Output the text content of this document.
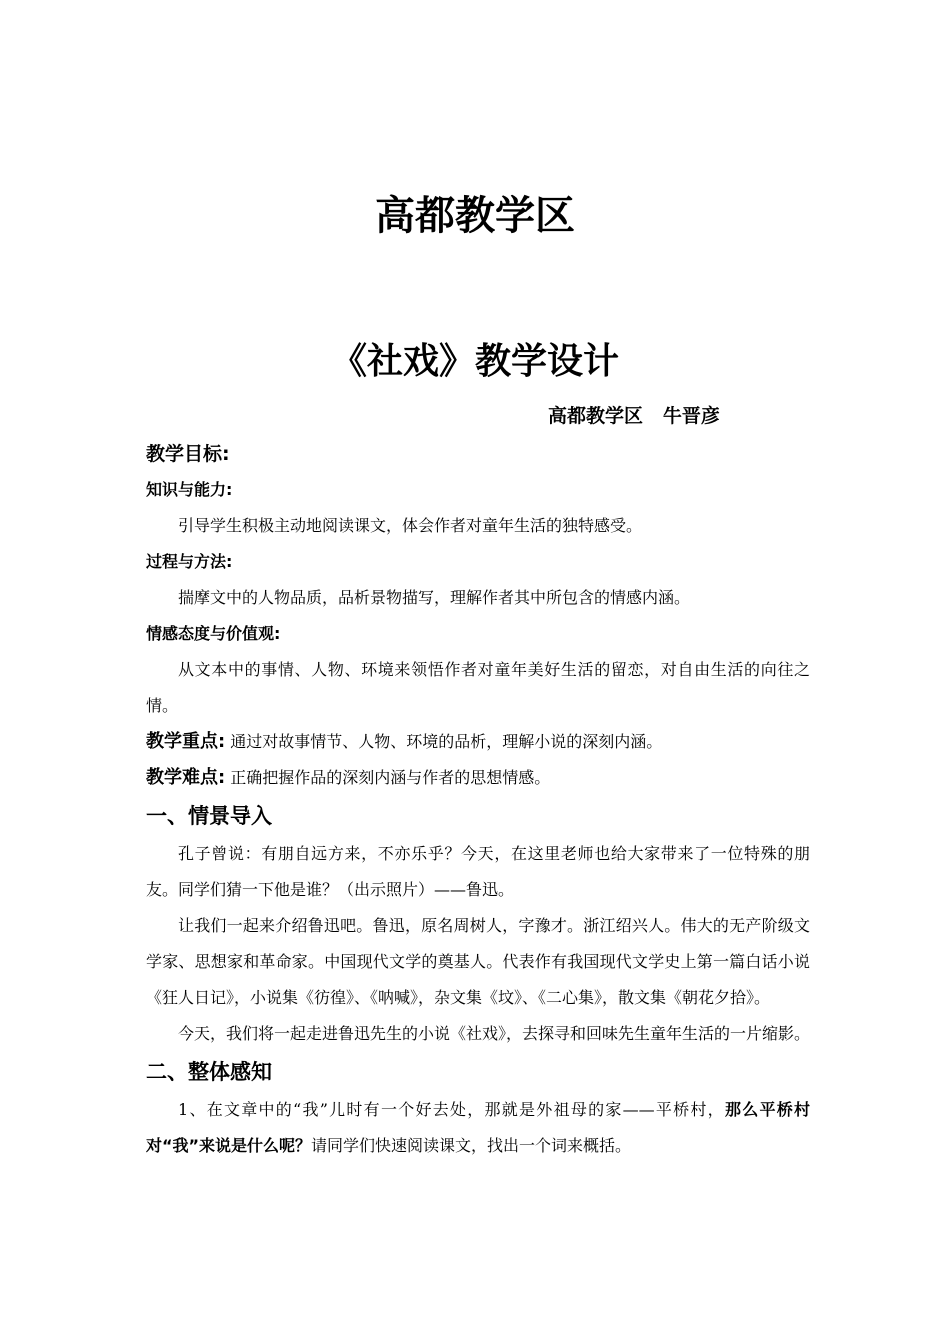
高都教学区
《社戏》教学设计
高都教学区 牛晋彦
教学目标:
知识与能力:
引导学生积极主动地阅读课文，体会作者对童年生活的独特感受。
过程与方法:
揣摩文中的人物品质，品析景物描写，理解作者其中所包含的情感内涵。
情感态度与价值观:
从文本中的事情、人物、环境来领悟作者对童年美好生活的留恋，对自由生活的向往之情。
教学重点: 通过对故事情节、人物、环境的品析，理解小说的深刻内涵。
教学难点: 正确把握作品的深刻内涵与作者的思想情感。
一、情景导入
孔子曾说：有朋自远方来，不亦乐乎？今天，在这里老师也给大家带来了一位特殊的朋友。同学们猜一下他是谁？（出示照片）——鲁迅。
让我们一起来介绍鲁迅吧。鲁迅，原名周树人，字豫才。浙江绍兴人。伟大的无产阶级文学家、思想家和革命家。中国现代文学的奠基人。代表作有我国现代文学史上第一篇白话小说《狂人日记》，小说集《彷徨》、《呐喊》，杂文集《坟》、《二心集》，散文集《朝花夕拾》。
今天，我们将一起走进鲁迅先生的小说《社戏》，去探寻和回味先生童年生活的一片缩影。
二、整体感知
1、在文章中的“我”儿时有一个好去处，那就是外祖母的家——平桥村，那么平桥村对“我”来说是什么呢？请同学们快速阅读课文，找出一个词来概括。
